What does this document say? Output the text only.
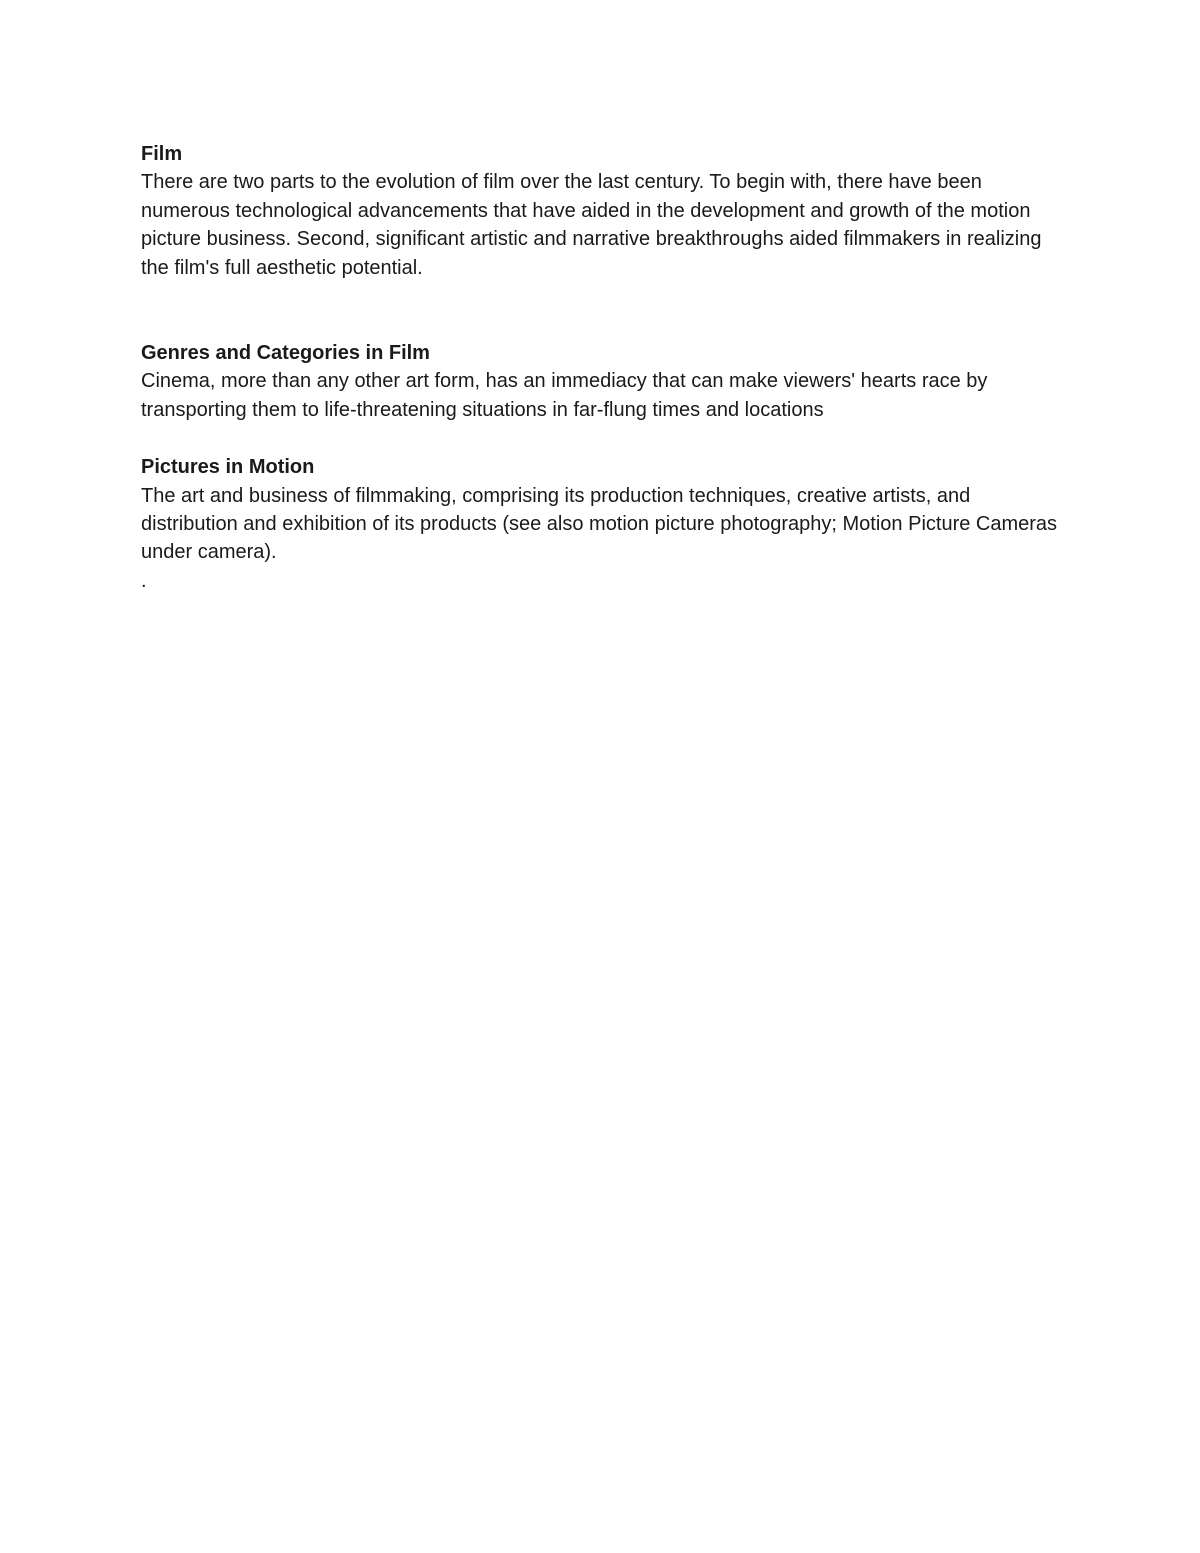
Film

There are two parts to the evolution of film over the last century. To begin with, there have been numerous technological advancements that have aided in the development and growth of the motion picture business. Second, significant artistic and narrative breakthroughs aided filmmakers in realizing the film's full aesthetic potential.

Genres and Categories in Film

Cinema, more than any other art form, has an immediacy that can make viewers' hearts race by transporting them to life-threatening situations in far-flung times and locations

Pictures in Motion

The art and business of filmmaking, comprising its production techniques, creative artists, and distribution and exhibition of its products (see also motion picture photography; Motion Picture Cameras under camera).

.
